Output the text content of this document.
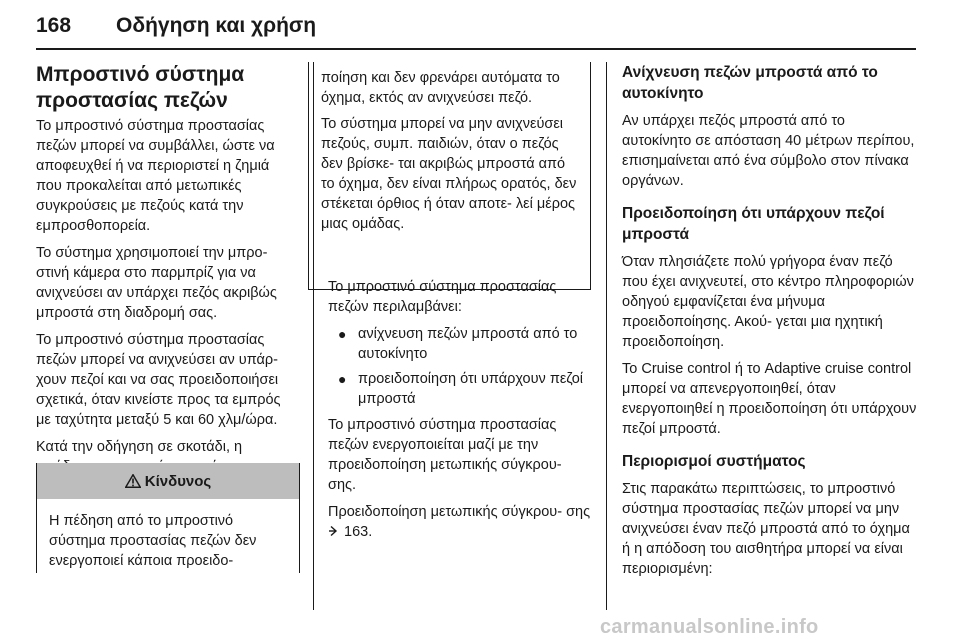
168 Οδήγηση και χρήση
Μπροστινό σύστημα
προστασίας πεζών

Το μπροστινό σύστημα προστασίας πεζών μπορεί να συμβάλλει, ώστε να αποφευχθεί ή να περιοριστεί η ζημιά που προκαλείται από μετωπικές συγκρούσεις με πεζούς κατά την εμπροσθοπορεία.

Το σύστημα χρησιμοποιεί την μπρο- στινή κάμερα στο παρμπρίζ για να ανιχνεύσει αν υπάρχει πεζός ακριβώς μπροστά στη διαδρομή σας.

Το μπροστινό σύστημα προστασίας πεζών μπορεί να ανιχνεύσει αν υπάρ- χουν πεζοί και να σας προειδοποιήσει σχετικά, όταν κινείστε προς τα εμπρός με ταχύτητα μεταξύ 5 και 60 χλμ/ώρα.

Κατά την οδήγηση σε σκοτάδι, η

Κίνδυνος

Η πέδηση από το μπροστινό σύστημα προστασίας πεζών δεν ενεργοποιεί κάποια προειδο-

ποίηση και δεν φρενάρει αυτόματα το όχημα, εκτός αν ανιχνεύσει πεζό.

Το σύστημα μπορεί να μην ανιχνεύσει πεζούς, συμπ. παιδιών, όταν ο πεζός δεν βρίσκε- ται ακριβώς μπροστά από το όχημα, δεν είναι πλήρως ορατός, δεν στέκεται όρθιος ή όταν αποτε- λεί μέρος μιας ομάδας.

Το μπροστινό σύστημα προστασίας πεζών περιλαμβάνει:

● ανίχνευση πεζών μπροστά από το αυτοκίνητο
● προειδοποίηση ότι υπάρχουν πεζοί μπροστά

Το μπροστινό σύστημα προστασίας πεζών ενεργοποιείται μαζί με την προειδοποίηση μετωπικής σύγκρου- σης.

Προειδοποίηση μετωπικής σύγκρου- σης  163.

Ανίχνευση πεζών μπροστά από το αυτοκίνητο

Αν υπάρχει πεζός μπροστά από το αυτοκίνητο σε απόσταση 40 μέτρων περίπου, επισημαίνεται από ένα σύμβολο στον πίνακα οργάνων.

Προειδοποίηση ότι υπάρχουν πεζοί μπροστά

Όταν πλησιάζετε πολύ γρήγορα έναν πεζό που έχει ανιχνευτεί, στο κέντρο πληροφοριών οδηγού εμφανίζεται ένα μήνυμα προειδοποίησης. Ακού- γεται μια ηχητική προειδοποίηση.

Το Cruise control ή το Adaptive cruise control μπορεί να απενεργοποιηθεί, όταν ενεργοποιηθεί η προειδοποίηση ότι υπάρχουν πεζοί μπροστά.

Περιορισμοί συστήματος

Στις παρακάτω περιπτώσεις, το μπροστινό σύστημα προστασίας πεζών μπορεί να μην ανιχνεύσει έναν πεζό μπροστά από το όχημα ή η απόδοση του αισθητήρα μπορεί να είναι περιορισμένη:

carmanualsonline.info
